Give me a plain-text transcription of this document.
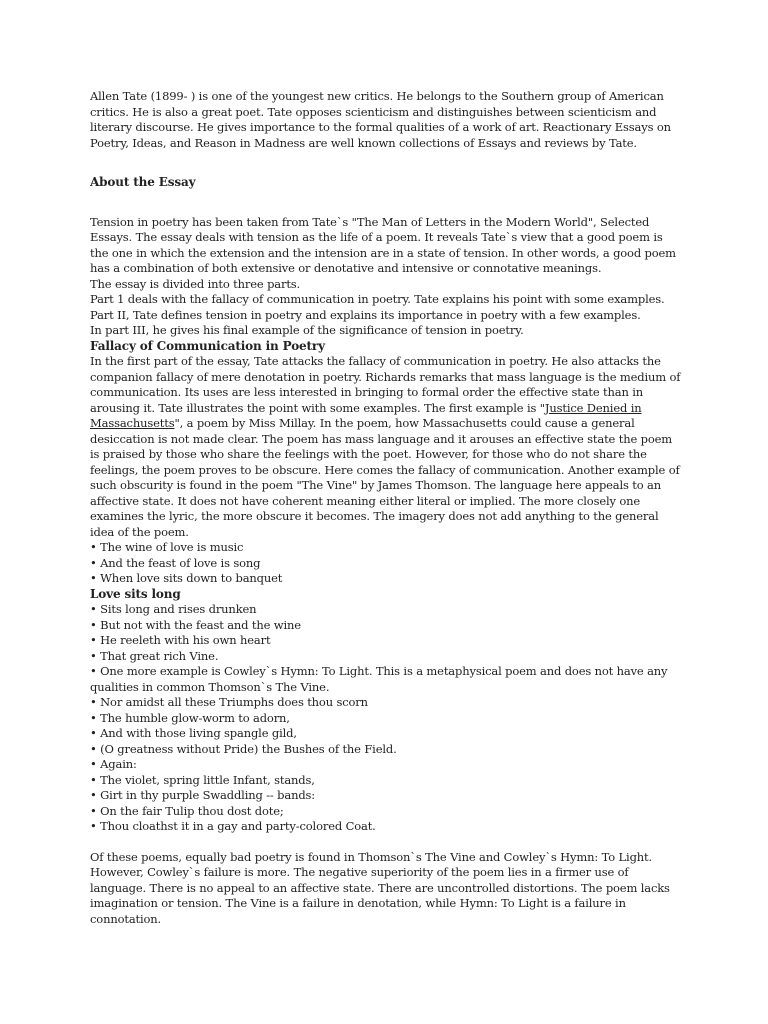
Allen Tate (1899- ) is one of the youngest new critics. He belongs to the Southern group of American critics. He is also a great poet. Tate opposes scienticism and distinguishes between scienticism and literary discourse. He gives importance to the formal qualities of a work of art. Reactionary Essays on Poetry, Ideas, and Reason in Madness are well known collections of Essays and reviews by Tate.

About the Essay

Tension in poetry has been taken from Tate`s "The Man of Letters in the Modern World", Selected Essays. The essay deals with tension as the life of a poem. It reveals Tate`s view that a good poem is the one in which the extension and the intension are in a state of tension. In other words, a good poem has a combination of both extensive or denotative and intensive or connotative meanings.

The essay is divided into three parts.

Part 1 deals with the fallacy of communication in poetry. Tate explains his point with some examples.

Part II, Tate defines tension in poetry and explains its importance in poetry with a few examples.

In part III, he gives his final example of the significance of tension in poetry.

Fallacy of Communication in Poetry

In the first part of the essay, Tate attacks the fallacy of communication in poetry. He also attacks the companion fallacy of mere denotation in poetry. Richards remarks that mass language is the medium of communication. Its uses are less interested in bringing to formal order the effective state than in arousing it. Tate illustrates the point with some examples. The first example is "Justice Denied in Massachusetts", a poem by Miss Millay. In the poem, how Massachusetts could cause a general desiccation is not made clear. The poem has mass language and it arouses an effective state the poem is praised by those who share the feelings with the poet. However, for those who do not share the feelings, the poem proves to be obscure. Here comes the fallacy of communication. Another example of such obscurity is found in the poem "The Vine" by James Thomson. The language here appeals to an affective state. It does not have coherent meaning either literal or implied. The more closely one examines the lyric, the more obscure it becomes. The imagery does not add anything to the general idea of the poem.

• The wine of love is music
• And the feast of love is song
• When love sits down to banquet

Love sits long

• Sits long and rises drunken
• But not with the feast and the wine
• He reeleth with his own heart
• That great rich Vine.
• One more example is Cowley`s Hymn: To Light. This is a metaphysical poem and does not have any qualities in common Thomson`s The Vine.
• Nor amidst all these Triumphs does thou scorn
• The humble glow-worm to adorn,
• And with those living spangle gild,
• (O greatness without Pride) the Bushes of the Field.
• Again:
• The violet, spring little Infant, stands,
• Girt in thy purple Swaddling -- bands:
• On the fair Tulip thou dost dote;
• Thou cloathst it in a gay and party-colored Coat.

Of these poems, equally bad poetry is found in Thomson`s The Vine and Cowley`s Hymn: To Light. However, Cowley`s failure is more. The negative superiority of the poem lies in a firmer use of language. There is no appeal to an affective state. There are uncontrolled distortions. The poem lacks imagination or tension. The Vine is a failure in denotation, while Hymn: To Light is a failure in connotation.
